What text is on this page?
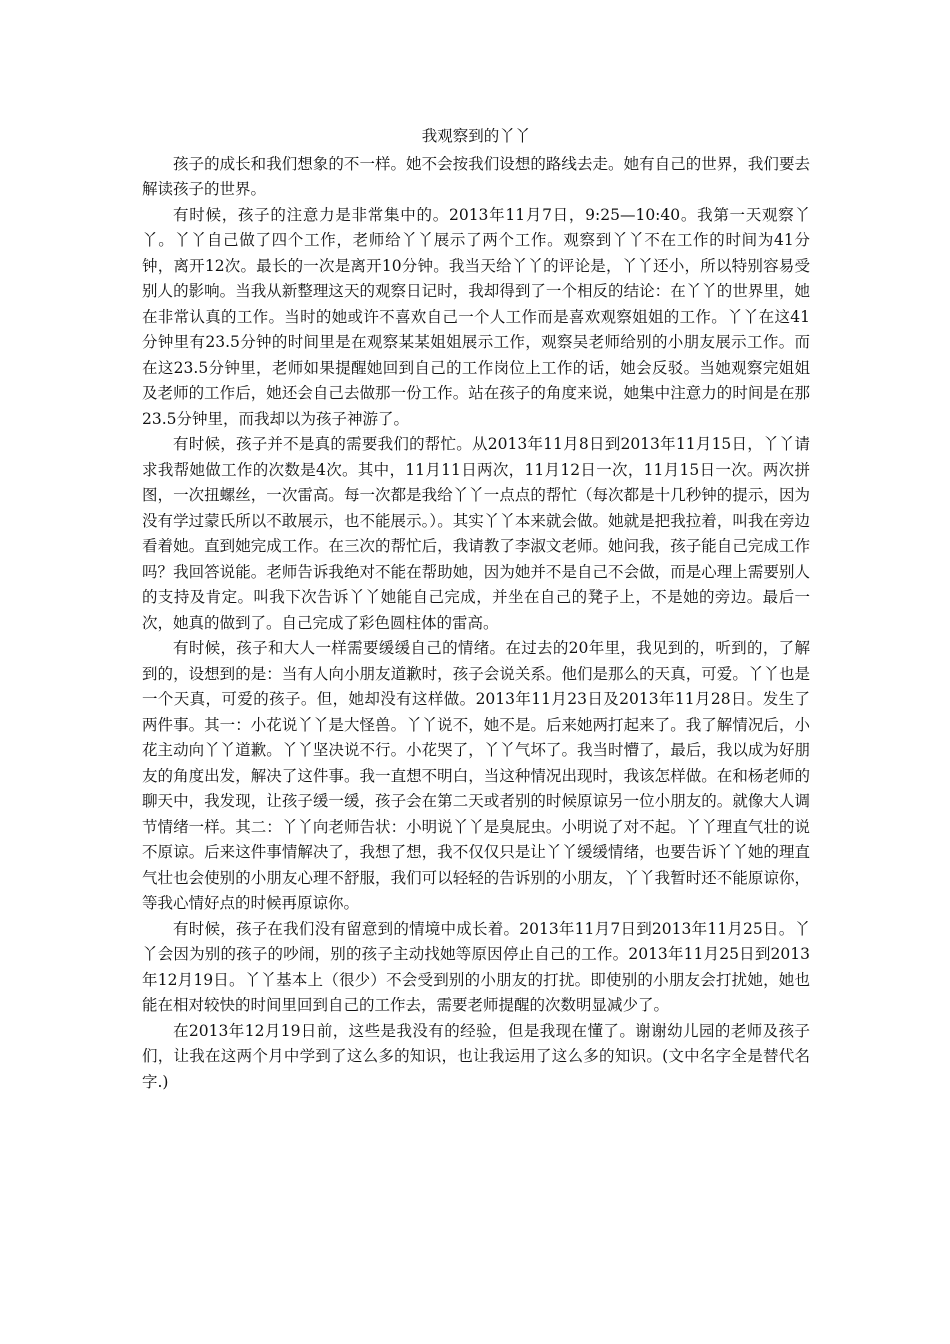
我观察到的丫丫

孩子的成长和我们想象的不一样。她不会按我们设想的路线去走。她有自己的世界，我们要去解读孩子的世界。

有时候，孩子的注意力是非常集中的。2013年11月7日，9:25—10:40。我第一天观察丫丫。丫丫自己做了四个工作，老师给丫丫展示了两个工作。观察到丫丫不在工作的时间为41分钟，离开12次。最长的一次是离开10分钟。我当天给丫丫的评论是，丫丫还小，所以特别容易受别人的影响。当我从新整理这天的观察日记时，我却得到了一个相反的结论：在丫丫的世界里，她在非常认真的工作。当时的她或许不喜欢自己一个人工作而是喜欢观察姐姐的工作。丫丫在这41分钟里有23.5分钟的时间里是在观察某某姐姐展示工作，观察吴老师给别的小朋友展示工作。而在这23.5分钟里，老师如果提醒她回到自己的工作岗位上工作的话，她会反驳。当她观察完姐姐及老师的工作后，她还会自己去做那一份工作。站在孩子的角度来说，她集中注意力的时间是在那23.5分钟里，而我却以为孩子神游了。

有时候，孩子并不是真的需要我们的帮忙。从2013年11月8日到2013年11月15日，丫丫请求我帮她做工作的次数是4次。其中，11月11日两次，11月12日一次，11月15日一次。两次拼图，一次扭螺丝，一次雷高。每一次都是我给丫丫一点点的帮忙（每次都是十几秒钟的提示，因为没有学过蒙氏所以不敢展示，也不能展示。）。其实丫丫本来就会做。她就是把我拉着，叫我在旁边看着她。直到她完成工作。在三次的帮忙后，我请教了李淑文老师。她问我，孩子能自己完成工作吗？我回答说能。老师告诉我绝对不能在帮助她，因为她并不是自己不会做，而是心理上需要别人的支持及肯定。叫我下次告诉丫丫她能自己完成，并坐在自己的凳子上，不是她的旁边。最后一次，她真的做到了。自己完成了彩色圆柱体的雷高。

有时候，孩子和大人一样需要缓缓自己的情绪。在过去的20年里，我见到的，听到的，了解到的，设想到的是：当有人向小朋友道歉时，孩子会说关系。他们是那么的天真，可爱。丫丫也是一个天真，可爱的孩子。但，她却没有这样做。2013年11月23日及2013年11月28日。发生了两件事。其一：小花说丫丫是大怪兽。丫丫说不，她不是。后来她两打起来了。我了解情况后，小花主动向丫丫道歉。丫丫坚决说不行。小花哭了，丫丫气坏了。我当时懵了，最后，我以成为好朋友的角度出发，解决了这件事。我一直想不明白，当这种情况出现时，我该怎样做。在和杨老师的聊天中，我发现，让孩子缓一缓，孩子会在第二天或者别的时候原谅另一位小朋友的。就像大人调节情绪一样。其二：丫丫向老师告状：小明说丫丫是臭屁虫。小明说了对不起。丫丫理直气壮的说不原谅。后来这件事情解决了，我想了想，我不仅仅只是让丫丫缓缓情绪，也要告诉丫丫她的理直气壮也会使别的小朋友心理不舒服，我们可以轻轻的告诉别的小朋友，丫丫我暂时还不能原谅你，等我心情好点的时候再原谅你。

有时候，孩子在我们没有留意到的情境中成长着。2013年11月7日到2013年11月25日。丫丫会因为别的孩子的吵闹，别的孩子主动找她等原因停止自己的工作。2013年11月25日到2013年12月19日。丫丫基本上（很少）不会受到别的小朋友的打扰。即使别的小朋友会打扰她，她也能在相对较快的时间里回到自己的工作去，需要老师提醒的次数明显减少了。

在2013年12月19日前，这些是我没有的经验，但是我现在懂了。谢谢幼儿园的老师及孩子们，让我在这两个月中学到了这么多的知识，也让我运用了这么多的知识。(文中名字全是替代名字.)
